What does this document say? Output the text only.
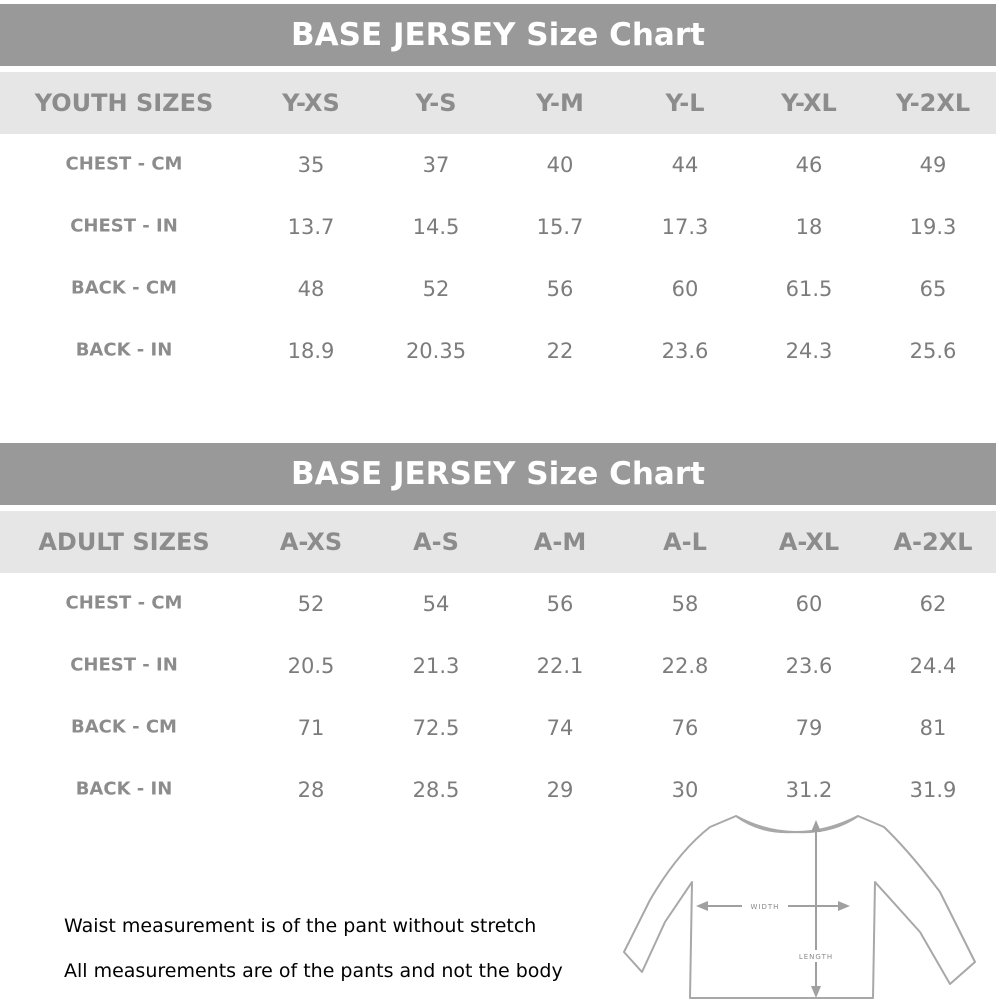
BASE JERSEY Size Chart
YOUTH SIZES	Y-XS	Y-S	Y-M	Y-L	Y-XL Y-2XL
CHEST - CM	35	37	40	44	46	49
CHEST - IN	13.7	14.5	15.7	17.3	18	19.3
BACK - CM	48	52	56	60	61.5	65
BACK - IN	18.9	20.35	22	23.6	24.3	25.6
BASE JERSEY Size Chart
ADULT SIZES	A-XS	A-S	A-M	A-L	A-XL A-2XL
CHEST - CM	52	54	56	58	60	62
CHEST - IN	20.5	21.3	22.1	22.8	23.6	24.4
BACK - CM	71	72.5	74	76	79	81
BACK - IN	28	28.5	29	30	31.2	31.9
Waist measurement is of the pant without stretch
All measurements are of the pants and not the body
WIDTH
LENGTH
